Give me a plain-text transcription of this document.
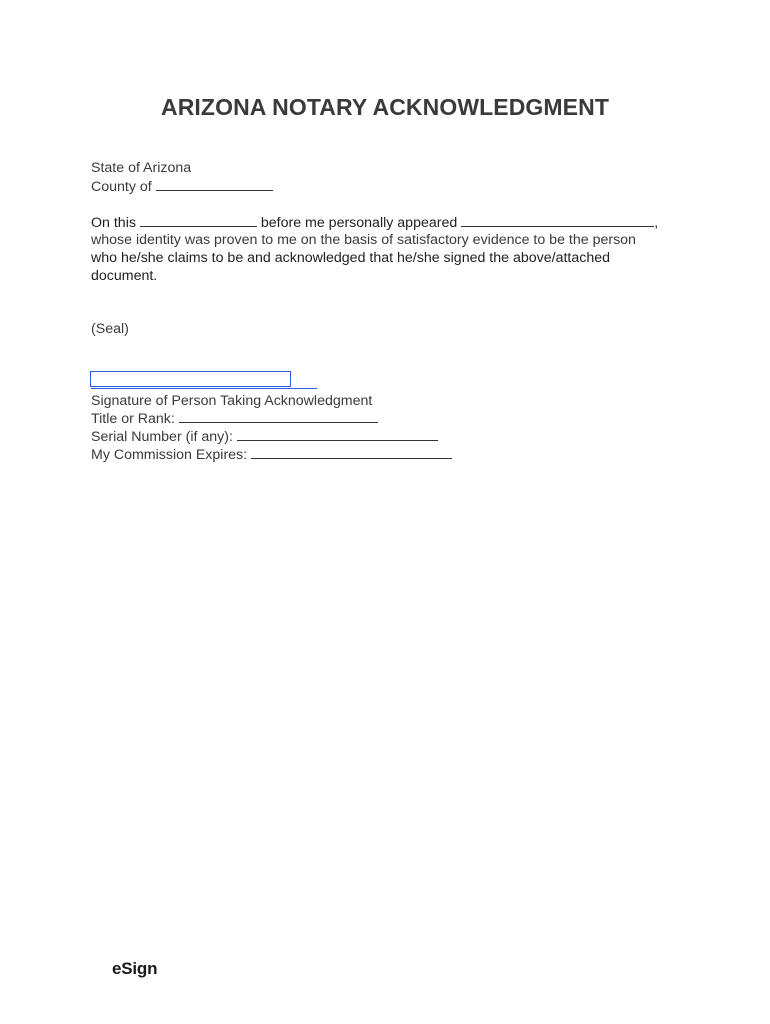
ARIZONA NOTARY ACKNOWLEDGMENT
State of Arizona
County of
On this	before me personally appeared	,
whose identity was proven to me on the basis of satisfactory evidence to be the person
who he/she claims to be and acknowledged that he/she signed the above/attached
document.
(Seal)
Signature of Person Taking Acknowledgment
Title or Rank:
Serial Number (if any):
My Commission Expires:
eSign
